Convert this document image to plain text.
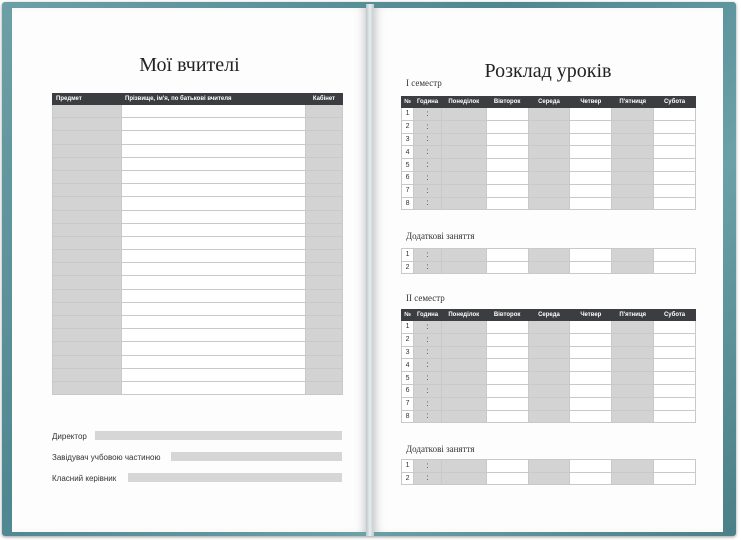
Мої вчителі
Предмет	Прізвище, ім'я, по батькові вчителя	Кабінет

Директор
Завідувач учбовою частиною
Класний керівник
Розклад уроків
I семестр
№	Година	Понеділок	Вівторок	Середа	Четвер	П'ятниця	Субота
1	:						
2	:						
3	:						
4	:						
5	:						
6	:						
7	:						
8	:						
Додаткові заняття
1	:						
2	:						
II семестр
№	Година	Понеділок	Вівторок	Середа	Четвер	П'ятниця	Субота
1	:						
2	:						
3	:						
4	:						
5	:						
6	:						
7	:						
8	:						
Додаткові заняття
1	:						
2	:						
